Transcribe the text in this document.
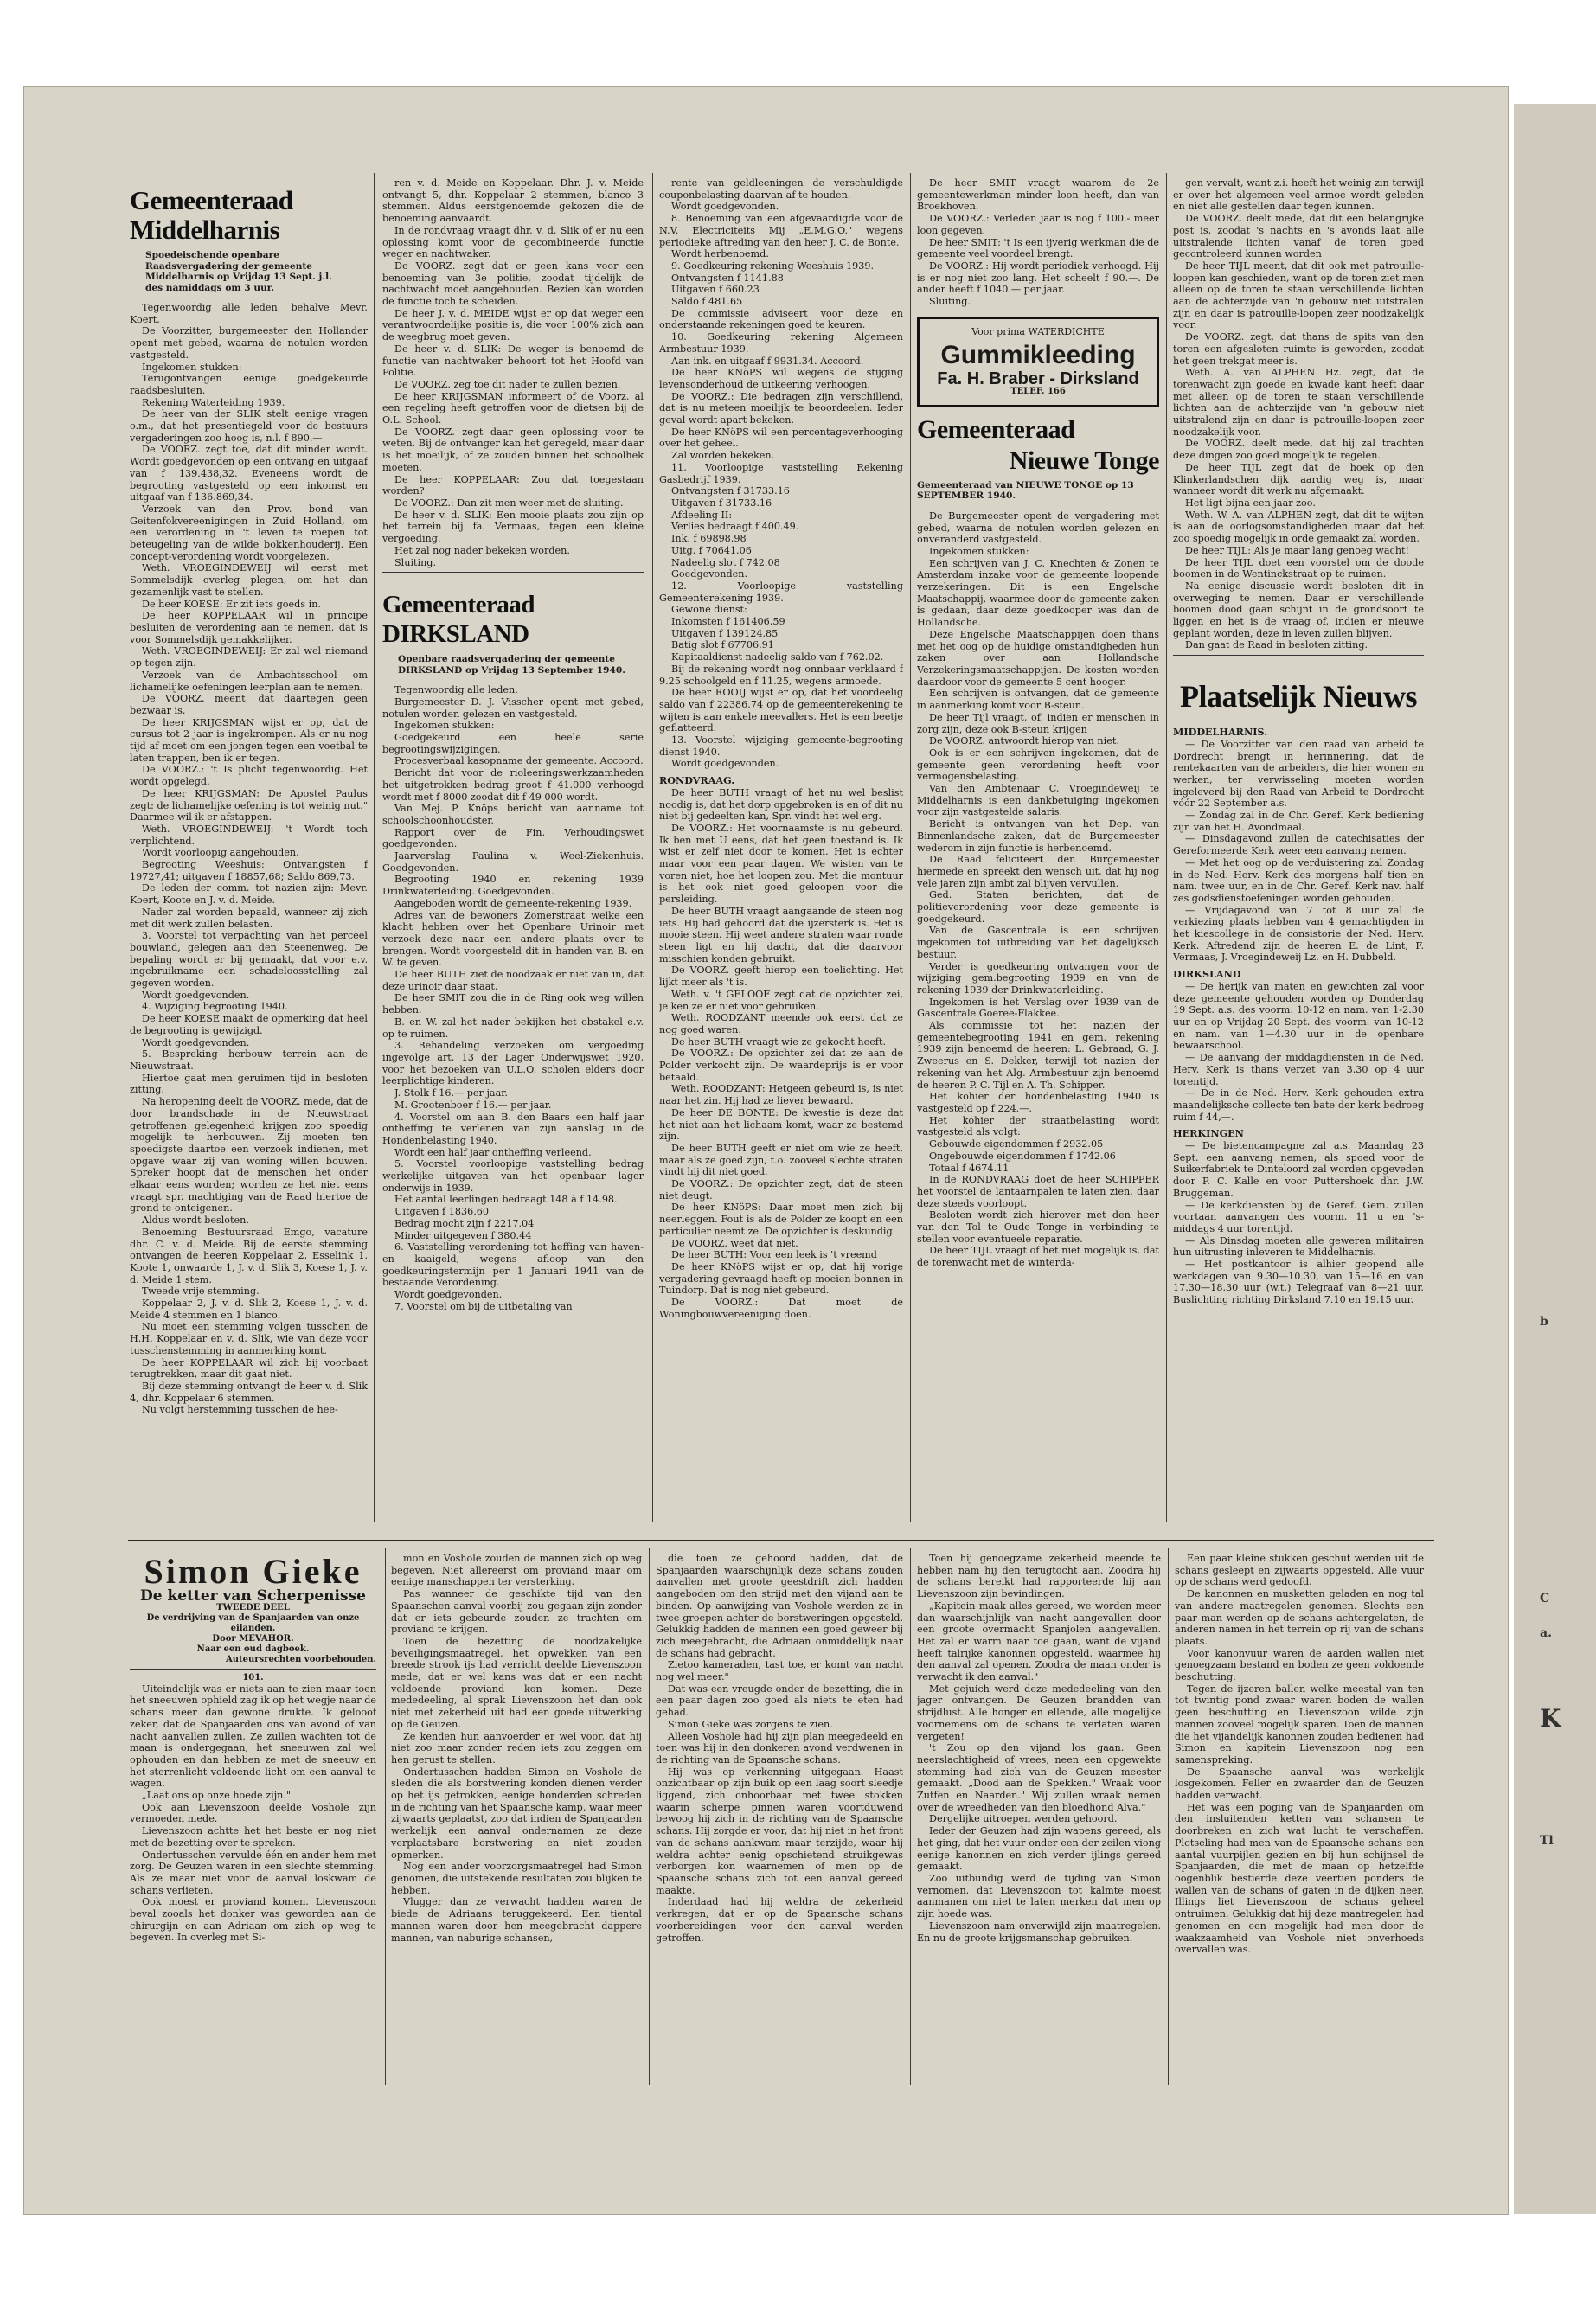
b
C
a.
K
Tl
Gemeenteraad Middelharnis
Spoedeischende openbare Raadsvergadering der gemeente Middelharnis op Vrijdag 13 Sept. j.l. des namiddags om 3 uur.

Tegenwoordig alle leden, behalve Mevr. Koert.

De Voorzitter, burgemeester den Hollander opent met gebed, waarna de notulen worden vastgesteld.

Ingekomen stukken:

Terugontvangen eenige goedgekeurde raadsbesluiten.

Rekening Waterleiding 1939.

De heer van der SLIK stelt eenige vragen o.m., dat het presentiegeld voor de bestuurs vergaderingen zoo hoog is, n.l. f 890.—

De VOORZ. zegt toe, dat dit minder wordt. Wordt goedgevonden op een ontvang en uitgaaf van f 139.438,32. Eveneens wordt de begrooting vastgesteld op een inkomst en uitgaaf van f 136.869,34.

Verzoek van den Prov. bond van Geitenfokvereenigingen in Zuid Holland, om een verordening in 't leven te roepen tot beteugeling van de wilde bokkenhouderij. Een concept-verordening wordt voorgelezen.

Weth. VROEGINDEWEIJ wil eerst met Sommelsdijk overleg plegen, om het dan gezamenlijk vast te stellen.

De heer KOESE: Er zit iets goeds in.

De heer KOPPELAAR wil in principe besluiten de verordening aan te nemen, dat is voor Sommelsdijk gemakkelijker.

Weth. VROEGINDEWEIJ: Er zal wel niemand op tegen zijn.

Verzoek van de Ambachtsschool om lichamelijke oefeningen leerplan aan te nemen.

De VOORZ. meent, dat daartegen geen bezwaar is.

De heer KRIJGSMAN wijst er op, dat de cursus tot 2 jaar is ingekrompen. Als er nu nog tijd af moet om een jongen tegen een voetbal te laten trappen, ben ik er tegen.

De VOORZ.: 't Is plicht tegenwoordig. Het wordt opgelegd.

De heer KRIJGSMAN: De Apostel Paulus zegt: de lichamelijke oefening is tot weinig nut." Daarmee wil ik er afstappen.

Weth. VROEGINDEWEIJ: 't Wordt toch verplichtend.

Wordt voorloopig aangehouden.

Begrooting Weeshuis: Ontvangsten f 19727,41; uitgaven f 18857,68; Saldo 869,73.

De leden der comm. tot nazien zijn: Mevr. Koert, Koote en J. v. d. Meide.

Nader zal worden bepaald, wanneer zij zich met dit werk zullen belasten.

3. Voorstel tot verpachting van het perceel bouwland, gelegen aan den Steenenweg. De bepaling wordt er bij gemaakt, dat voor e.v. ingebruikname een schadeloosstelling zal gegeven worden.

Wordt goedgevonden.

4. Wijziging begrooting 1940.

De heer KOESE maakt de opmerking dat heel de begrooting is gewijzigd.

Wordt goedgevonden.

5. Bespreking herbouw terrein aan de Nieuwstraat.

Hiertoe gaat men geruimen tijd in besloten zitting.

Na heropening deelt de VOORZ. mede, dat de door brandschade in de Nieuwstraat getroffenen gelegenheid krijgen zoo spoedig mogelijk te herbouwen. Zij moeten ten spoedigste daartoe een verzoek indienen, met opgave waar zij van woning willen bouwen. Spreker hoopt dat de menschen het onder elkaar eens worden; worden ze het niet eens vraagt spr. machtiging van de Raad hiertoe de grond te onteigenen.

Aldus wordt besloten.

Benoeming Bestuursraad Emgo, vacature dhr. C. v. d. Meide. Bij de eerste stemming ontvangen de heeren Koppelaar 2, Esselink 1. Koote 1, onwaarde 1, J. v. d. Slik 3, Koese 1, J. v. d. Meide 1 stem.

Tweede vrije stemming.

Koppelaar 2, J. v. d. Slik 2, Koese 1, J. v. d. Meide 4 stemmen en 1 blanco.

Nu moet een stemming volgen tusschen de H.H. Koppelaar en v. d. Slik, wie van deze voor tusschenstemming in aanmerking komt.

De heer KOPPELAAR wil zich bij voorbaat terugtrekken, maar dit gaat niet.

Bij deze stemming ontvangt de heer v. d. Slik 4, dhr. Koppelaar 6 stemmen.

Nu volgt herstemming tusschen de hee-

ren v. d. Meide en Koppelaar. Dhr. J. v. Meide ontvangt 5, dhr. Koppelaar 2 stemmen, blanco 3 stemmen. Aldus eerstgenoemde gekozen die de benoeming aanvaardt.

In de rondvraag vraagt dhr. v. d. Slik of er nu een oplossing komt voor de gecombineerde functie weger en nachtwaker.

De VOORZ. zegt dat er geen kans voor een benoeming van 3e politie, zoodat tijdelijk de nachtwacht moet aangehouden. Bezien kan worden de functie toch te scheiden.

De heer J. v. d. MEIDE wijst er op dat weger een verantwoordelijke positie is, die voor 100% zich aan de weegbrug moet geven.

De heer v. d. SLIK: De weger is benoemd de functie van nachtwaker behoort tot het Hoofd van Politie.

De VOORZ. zeg toe dit nader te zullen bezien.

De heer KRIJGSMAN informeert of de Voorz. al een regeling heeft getroffen voor de dietsen bij de O.L. School.

De VOORZ. zegt daar geen oplossing voor te weten. Bij de ontvanger kan het geregeld, maar daar is het moeilijk, of ze zouden binnen het schoolhek moeten.

De heer KOPPELAAR: Zou dat toegestaan worden?

De VOORZ.: Dan zit men weer met de sluiting.

De heer v. d. SLIK: Een mooie plaats zou zijn op het terrein bij fa. Vermaas, tegen een kleine vergoeding.

Het zal nog nader bekeken worden.

Sluiting.

Gemeenteraad DIRKSLAND
Openbare raadsvergadering der gemeente DIRKSLAND op Vrijdag 13 September 1940.

Tegenwoordig alle leden.

Burgemeester D. J. Visscher opent met gebed, notulen worden gelezen en vastgesteld.

Ingekomen stukken:

Goedgekeurd een heele serie begrootingswijzigingen.

Procesverbaal kasopname der gemeente. Accoord.

Bericht dat voor de rioleeringswerkzaamheden het uitgetrokken bedrag groot f 41.000 verhoogd wordt met f 8000 zoodat dit f 49 000 wordt.

Van Mej. P. Knöps bericht van aanname tot schoolschoonhoudster.

Rapport over de Fin. Verhoudingswet goedgevonden.

Jaarverslag Paulina v. Weel-Ziekenhuis. Goedgevonden.

Begrooting 1940 en rekening 1939 Drinkwaterleiding. Goedgevonden.

Aangeboden wordt de gemeente-rekening 1939.

Adres van de bewoners Zomerstraat welke een klacht hebben over het Openbare Urinoir met verzoek deze naar een andere plaats over te brengen. Wordt voorgesteld dit in handen van B. en W. te geven.

De heer BUTH ziet de noodzaak er niet van in, dat deze urinoir daar staat.

De heer SMIT zou die in de Ring ook weg willen hebben.

B. en W. zal het nader bekijken het obstakel e.v. op te ruimen.

3. Behandeling verzoeken om vergoeding ingevolge art. 13 der Lager Onderwijswet 1920, voor het bezoeken van U.L.O. scholen elders door leerplichtige kinderen.

J. Stolk f 16.— per jaar.

M. Grootenboer f 16.— per jaar.

4. Voorstel om aan B. den Baars een half jaar ontheffing te verlenen van zijn aanslag in de Hondenbelasting 1940.

Wordt een half jaar ontheffing verleend.

5. Voorstel voorloopige vaststelling bedrag werkelijke uitgaven van het openbaar lager onderwijs in 1939.

Het aantal leerlingen bedraagt 148 à f 14.98.

Uitgaven f 1836.60

Bedrag mocht zijn f 2217.04

Minder uitgegeven f 380.44

6. Vaststelling verordening tot heffing van haven- en kaaigeld, wegens afloop van den goedkeuringstermijn per 1 Januari 1941 van de bestaande Verordening.

Wordt goedgevonden.

7. Voorstel om bij de uitbetaling van

rente van geldleeningen de verschuldigde couponbelasting daarvan af te houden.

Wordt goedgevonden.

8. Benoeming van een afgevaardigde voor de N.V. Electriciteits Mij „E.M.G.O." wegens periodieke aftreding van den heer J. C. de Bonte.

Wordt herbenoemd.

9. Goedkeuring rekening Weeshuis 1939.

Ontvangsten f 1141.88

Uitgaven f 660.23

Saldo f 481.65

De commissie adviseert voor deze en onderstaande rekeningen goed te keuren.

10. Goedkeuring rekening Algemeen Armbestuur 1939.

Aan ink. en uitgaaf f 9931.34. Accoord.

De heer KNöPS wil wegens de stijging levensonderhoud de uitkeering verhoogen.

De VOORZ.: Die bedragen zijn verschillend, dat is nu meteen moeilijk te beoordeelen. Ieder geval wordt apart bekeken.

De heer KNöPS wil een percentageverhooging over het geheel.

Zal worden bekeken.

11. Voorloopige vaststelling Rekening Gasbedrijf 1939.

Ontvangsten f 31733.16

Uitgaven f 31733.16

Afdeeling II:

Verlies bedraagt f 400.49.

Ink. f 69898.98

Uitg. f 70641.06

Nadeelig slot f 742.08

Goedgevonden.

12. Voorloopige vaststelling Gemeenterekening 1939.

Gewone dienst:

Inkomsten f 161406.59

Uitgaven f 139124.85

Batig slot f 67706.91

Kapitaaldienst nadeelig saldo van f 762.02.

Bij de rekening wordt nog onnbaar verklaard f 9.25 schoolgeld en f 11.25, wegens armoede.

De heer ROOIJ wijst er op, dat het voordeelig saldo van f 22386.74 op de gemeenterekening te wijten is aan enkele meevallers. Het is een beetje geflatteerd.

13. Voorstel wijziging gemeente-begrooting dienst 1940.

Wordt goedgevonden.

RONDVRAAG.

De heer BUTH vraagt of het nu wel beslist noodig is, dat het dorp opgebroken is en of dit nu niet bij gedeelten kan, Spr. vindt het wel erg.

De VOORZ.: Het voornaamste is nu gebeurd. Ik ben met U eens, dat het geen toestand is. Ik wist er zelf niet door te komen. Het is echter maar voor een paar dagen. We wisten van te voren niet, hoe het loopen zou. Met die montuur is het ook niet goed geloopen voor die persleiding.

De heer BUTH vraagt aangaande de steen nog iets. Hij had gehoord dat die ijzersterk is. Het is mooie steen. Hij weet andere straten waar ronde steen ligt en hij dacht, dat die daarvoor misschien konden gebruikt.

De VOORZ. geeft hierop een toelichting. Het lijkt meer als 't is.

Weth. v. 't GELOOF zegt dat de opzichter zei, je ken ze er niet voor gebruiken.

Weth. ROODZANT meende ook eerst dat ze nog goed waren.

De heer BUTH vraagt wie ze gekocht heeft.

De VOORZ.: De opzichter zei dat ze aan de Polder verkocht zijn. De waardeprijs is er voor betaald.

Weth. ROODZANT: Hetgeen gebeurd is, is niet naar het zin. Hij had ze liever bewaard.

De heer DE BONTE: De kwestie is deze dat het niet aan het lichaam komt, waar ze bestemd zijn.

De heer BUTH geeft er niet om wie ze heeft, maar als ze goed zijn, t.o. zooveel slechte straten vindt hij dit niet goed.

De VOORZ.: De opzichter zegt, dat de steen niet deugt.

De heer KNöPS: Daar moet men zich bij neerleggen. Fout is als de Polder ze koopt en een particulier neemt ze. De opzichter is deskundig.

De VOORZ. weet dat niet.

De heer BUTH: Voor een leek is 't vreemd

De heer KNöPS wijst er op, dat hij vorige vergadering gevraagd heeft op moeien bonnen in Tuindorp. Dat is nog niet gebeurd.

De VOORZ.: Dat moet de Woningbouwvereeniging doen.

De heer SMIT vraagt waarom de 2e gemeentewerkman minder loon heeft, dan van Broekhoven.

De VOORZ.: Verleden jaar is nog f 100.- meer loon gegeven.

De heer SMIT: 't Is een ijverig werkman die de gemeente veel voordeel brengt.

De VOORZ.: Hij wordt periodiek verhoogd. Hij is er nog niet zoo lang. Het scheelt f 90.—. De ander heeft f 1040.— per jaar.

Sluiting.

Voor prima WATERDICHTE
Gummikleeding
Fa. H. Braber - Dirksland
TELEF. 166
Gemeenteraad
Nieuwe Tonge
Gemeenteraad van NIEUWE TONGE op 13 SEPTEMBER 1940.

De Burgemeester opent de vergadering met gebed, waarna de notulen worden gelezen en onveranderd vastgesteld.

Ingekomen stukken:

Een schrijven van J. C. Knechten & Zonen te Amsterdam inzake voor de gemeente loopende verzekeringen. Dit is een Engelsche Maatschappij, waarmee door de gemeente zaken is gedaan, daar deze goedkooper was dan de Hollandsche.

Deze Engelsche Maatschappijen doen thans met het oog op de huidige omstandigheden hun zaken over aan Hollandsche Verzekeringsmaatschappijen. De kosten worden daardoor voor de gemeente 5 cent hooger.

Een schrijven is ontvangen, dat de gemeente in aanmerking komt voor B-steun.

De heer Tijl vraagt, of, indien er menschen in zorg zijn, deze ook B-steun krijgen

De VOORZ. antwoordt hierop van niet.

Ook is er een schrijven ingekomen, dat de gemeente geen verordening heeft voor vermogensbelasting.

Van den Ambtenaar C. Vroegindeweij te Middelharnis is een dankbetuiging ingekomen voor zijn vastgestelde salaris.

Bericht is ontvangen van het Dep. van Binnenlandsche zaken, dat de Burgemeester wederom in zijn functie is herbenoemd.

De Raad feliciteert den Burgemeester hiermede en spreekt den wensch uit, dat hij nog vele jaren zijn ambt zal blijven vervullen.

Ged. Staten berichten, dat de politieverordening voor deze gemeente is goedgekeurd.

Van de Gascentrale is een schrijven ingekomen tot uitbreiding van het dagelijksch bestuur.

Verder is goedkeuring ontvangen voor de wijziging gem.begrooting 1939 en van de rekening 1939 der Drinkwaterleiding.

Ingekomen is het Verslag over 1939 van de Gascentrale Goeree-Flakkee.

Als commissie tot het nazien der gemeentebegrooting 1941 en gem. rekening 1939 zijn benoemd de heeren: L. Gebraad, G. J. Zweerus en S. Dekker, terwijl tot nazien der rekening van het Alg. Armbestuur zijn benoemd de heeren P. C. Tijl en A. Th. Schipper.

Het kohier der hondenbelasting 1940 is vastgesteld op f 224.—.

Het kohier der straatbelasting wordt vastgesteld als volgt:

Gebouwde eigendommen f 2932.05

Ongebouwde eigendommen f 1742.06

Totaal f 4674.11

In de RONDVRAAG doet de heer SCHIPPER het voorstel de lantaarnpalen te laten zien, daar deze steeds voorloopt.

Besloten wordt zich hierover met den heer van den Tol te Oude Tonge in verbinding te stellen voor eventueele reparatie.

De heer TIJL vraagt of het niet mogelijk is, dat de torenwacht met de winterda-

gen vervalt, want z.i. heeft het weinig zin terwijl er over het algemeen veel armoe wordt geleden en niet alle gestellen daar tegen kunnen.

De VOORZ. deelt mede, dat dit een belangrijke post is, zoodat 's nachts en 's avonds laat alle uitstralende lichten vanaf de toren goed gecontroleerd kunnen worden

De heer TIJL meent, dat dit ook met patrouille-loopen kan geschieden, want op de toren ziet men alleen op de toren te staan verschillende lichten aan de achterzijde van 'n gebouw niet uitstralen zijn en daar is patrouille-loopen zeer noodzakelijk voor.

De VOORZ. zegt, dat thans de spits van den toren een afgesloten ruimte is geworden, zoodat het geen trekgat meer is.

Weth. A. van ALPHEN Hz. zegt, dat de torenwacht zijn goede en kwade kant heeft daar met alleen op de toren te staan verschillende lichten aan de achterzijde van 'n gebouw niet uitstralend zijn en daar is patrouille-loopen zeer noodzakelijk voor.

De VOORZ. deelt mede, dat hij zal trachten deze dingen zoo goed mogelijk te regelen.

De heer TIJL zegt dat de hoek op den Klinkerlandschen dijk aardig weg is, maar wanneer wordt dit werk nu afgemaakt.

Het ligt bijna een jaar zoo.

Weth. W. A. van ALPHEN zegt, dat dit te wijten is aan de oorlogsomstandigheden maar dat het zoo spoedig mogelijk in orde gemaakt zal worden.

De heer TIJL: Als je maar lang genoeg wacht!

De heer TIJL doet een voorstel om de doode boomen in de Wentinckstraat op te ruimen.

Na eenige discussie wordt besloten dit in overweging te nemen. Daar er verschillende boomen dood gaan schijnt in de grondsoort te liggen en het is de vraag of, indien er nieuwe geplant worden, deze in leven zullen blijven.

Dan gaat de Raad in besloten zitting.

Plaatselijk Nieuws

MIDDELHARNIS.

— De Voorzitter van den raad van arbeid te Dordrecht brengt in herinnering, dat de rentekaarten van de arbeiders, die hier wonen en werken, ter verwisseling moeten worden ingeleverd bij den Raad van Arbeid te Dordrecht vóór 22 September a.s.

— Zondag zal in de Chr. Geref. Kerk bediening zijn van het H. Avondmaal.

— Dinsdagavond zullen de catechisaties der Gereformeerde Kerk weer een aanvang nemen.

— Met het oog op de verduistering zal Zondag in de Ned. Herv. Kerk des morgens half tien en nam. twee uur, en in de Chr. Geref. Kerk nav. half zes godsdienstoefeningen worden gehouden.

— Vrijdagavond van 7 tot 8 uur zal de verkiezing plaats hebben van 4 gemachtigden in het kiescollege in de consistorie der Ned. Herv. Kerk. Aftredend zijn de heeren E. de Lint, F. Vermaas, J. Vroegindeweij Lz. en H. Dubbeld.

DIRKSLAND

— De herijk van maten en gewichten zal voor deze gemeente gehouden worden op Donderdag 19 Sept. a.s. des voorm. 10-12 en nam. van 1-2.30 uur en op Vrijdag 20 Sept. des voorm. van 10-12 en nam. van 1—4.30 uur in de openbare bewaarschool.

— De aanvang der middagdiensten in de Ned. Herv. Kerk is thans verzet van 3.30 op 4 uur torentijd.

— De in de Ned. Herv. Kerk gehouden extra maandelijksche collecte ten bate der kerk bedroeg ruim f 44,—.

HERKINGEN

— De bietencampagne zal a.s. Maandag 23 Sept. een aanvang nemen, als spoed voor de Suikerfabriek te Dinteloord zal worden opgeveden door P. C. Kalle en voor Puttershoek dhr. J.W. Bruggeman.

— De kerkdiensten bij de Geref. Gem. zullen voortaan aanvangen des voorm. 11 u en 's-middags 4 uur torentijd.

— Als Dinsdag moeten alle geweren militairen hun uitrusting inleveren te Middelharnis.

— Het postkantoor is alhier geopend alle werkdagen van 9.30—10.30, van 15—16 en van 17.30—18.30 uur (w.t.) Telegraaf van 8—21 uur. Buslichting richting Dirksland 7.10 en 19.15 uur.

Simon Gieke
De ketter van Scherpenisse
TWEEDE DEEL
De verdrijving van de Spanjaarden van onze eilanden.
Door MEVAHOR.
Naar een oud dagboek.
Auteursrechten voorbehouden.
101.

Uiteindelijk was er niets aan te zien maar toen het sneeuwen ophield zag ik op het wegje naar de schans meer dan gewone drukte. Ik gelooof zeker, dat de Spanjaarden ons van avond of van nacht aanvallen zullen. Ze zullen wachten tot de maan is ondergegaan, het sneeuwen zal wel ophouden en dan hebben ze met de sneeuw en het sterrenlicht voldoende licht om een aanval te wagen.

„Laat ons op onze hoede zijn."

Ook aan Lievenszoon deelde Voshole zijn vermoeden mede.

Lievenszoon achtte het het beste er nog niet met de bezetting over te spreken.

Ondertusschen vervulde één en ander hem met zorg. De Geuzen waren in een slechte stemming. Als ze maar niet voor de aanval loskwam de schans verlieten.

Ook moest er proviand komen. Lievenszoon beval zooals het donker was geworden aan de chirurgijn en aan Adriaan om zich op weg te begeven. In overleg met Si-

mon en Voshole zouden de mannen zich op weg begeven. Niet allereerst om proviand maar om eenige manschappen ter versterking.

Pas wanneer de geschikte tijd van den Spaanschen aanval voorbij zou gegaan zijn zonder dat er iets gebeurde zouden ze trachten om proviand te krijgen.

Toen de bezetting de noodzakelijke beveiligingsmaatregel, het opwekken van een breede strook ijs had verricht deelde Lievenszoon mede, dat er wel kans was dat er een nacht voldoende proviand kon komen. Deze mededeeling, al sprak Lievenszoon het dan ook niet met zekerheid uit had een goede uitwerking op de Geuzen.

Ze kenden hun aanvoerder er wel voor, dat hij niet zoo maar zonder reden iets zou zeggen om hen gerust te stellen.

Ondertusschen hadden Simon en Voshole de sleden die als borstwering konden dienen verder op het ijs getrokken, eenige honderden schreden in de richting van het Spaansche kamp, waar meer zijwaarts geplaatst, zoo dat indien de Spanjaarden werkelijk een aanval ondernamen ze deze verplaatsbare borstwering en niet zouden opmerken.

Nog een ander voorzorgsmaatregel had Simon genomen, die uitstekende resultaten zou blijken te hebben.

Vlugger dan ze verwacht hadden waren de biede de Adriaans teruggekeerd. Een tiental mannen waren door hen meegebracht dappere mannen, van naburige schansen,

die toen ze gehoord hadden, dat de Spanjaarden waarschijnlijk deze schans zouden aanvallen met groote geestdrift zich hadden aangeboden om den strijd met den vijand aan te binden. Op aanwijzing van Voshole werden ze in twee groepen achter de borstweringen opgesteld. Gelukkig hadden de mannen een goed geweer bij zich meegebracht, die Adriaan onmiddellijk naar de schans had gebracht.

Zietoo kameraden, tast toe, er komt van nacht nog wel meer."

Dat was een vreugde onder de bezetting, die in een paar dagen zoo goed als niets te eten had gehad.

Simon Gieke was zorgens te zien.

Alleen Voshole had hij zijn plan meegedeeld en toen was hij in den donkeren avond verdwenen in de richting van de Spaansche schans.

Hij was op verkenning uitgegaan. Haast onzichtbaar op zijn buik op een laag soort sleedje liggend, zich onhoorbaar met twee stokken waarin scherpe pinnen waren voortduwend bewoog hij zich in de richting van de Spaansche schans. Hij zorgde er voor, dat hij niet in het front van de schans aankwam maar terzijde, waar hij weldra achter eenig opschietend struikgewas verborgen kon waarnemen of men op de Spaansche schans zich tot een aanval gereed maakte.

Inderdaad had hij weldra de zekerheid verkregen, dat er op de Spaansche schans voorbereidingen voor den aanval werden getroffen.

Toen hij genoegzame zekerheid meende te hebben nam hij den terugtocht aan. Zoodra hij de schans bereikt had rapporteerde hij aan Lievenszoon zijn bevindingen.

„Kapitein maak alles gereed, we worden meer dan waarschijnlijk van nacht aangevallen door een groote overmacht Spanjolen aangevallen. Het zal er warm naar toe gaan, want de vijand heeft talrijke kanonnen opgesteld, waarmee hij den aanval zal openen. Zoodra de maan onder is verwacht ik den aanval."

Met gejuich werd deze mededeeling van den jager ontvangen. De Geuzen brandden van strijdlust. Alle honger en ellende, alle mogelijke voornemens om de schans te verlaten waren vergeten!

't Zou op den vijand los gaan. Geen neerslachtigheid of vrees, neen een opgewekte stemming had zich van de Geuzen meester gemaakt. „Dood aan de Spekken." Wraak voor Zutfen en Naarden." Wij zullen wraak nemen over de wreedheden van den bloedhond Alva."

Dergelijke uitroepen werden gehoord.

Ieder der Geuzen had zijn wapens gereed, als het ging, dat het vuur onder een der zeilen viong eenige kanonnen en zich verder ijlings gereed gemaakt.

Zoo uitbundig werd de tijding van Simon vernomen, dat Lievenszoon tot kalmte moest aanmanen om niet te laten merken dat men op zijn hoede was.

Lievenszoon nam onverwijld zijn maatregelen. En nu de groote krijgsmanschap gebruiken.

Een paar kleine stukken geschut werden uit de schans gesleept en zijwaarts opgesteld. Alle vuur op de schans werd gedoofd.

De kanonnen en musketten geladen en nog tal van andere maatregelen genomen. Slechts een paar man werden op de schans achtergelaten, de anderen namen in het terrein op rij van de schans plaats.

Voor kanonvuur waren de aarden wallen niet genoegzaam bestand en boden ze geen voldoende beschutting.

Tegen de ijzeren ballen welke meestal van ten tot twintig pond zwaar waren boden de wallen geen beschutting en Lievenszoon wilde zijn mannen zooveel mogelijk sparen. Toen de mannen die het vijandelijk kanonnen zouden bedienen had Simon en kapitein Lievenszoon nog een samenspreking.

De Spaansche aanval was werkelijk losgekomen. Feller en zwaarder dan de Geuzen hadden verwacht.

Het was een poging van de Spanjaarden om den insluitenden ketten van schansen te doorbreken en zich wat lucht te verschaffen. Plotseling had men van de Spaansche schans een aantal vuurpijlen gezien en bij hun schijnsel de Spanjaarden, die met de maan op hetzelfde oogenblik bestierde deze veertien ponders de wallen van de schans of gaten in de dijken neer. Illings liet Lievenszoon de schans geheel ontruimen. Gelukkig dat hij deze maatregelen had genomen en een mogelijk had men door de waakzaamheid van Voshole niet onverhoeds overvallen was.
